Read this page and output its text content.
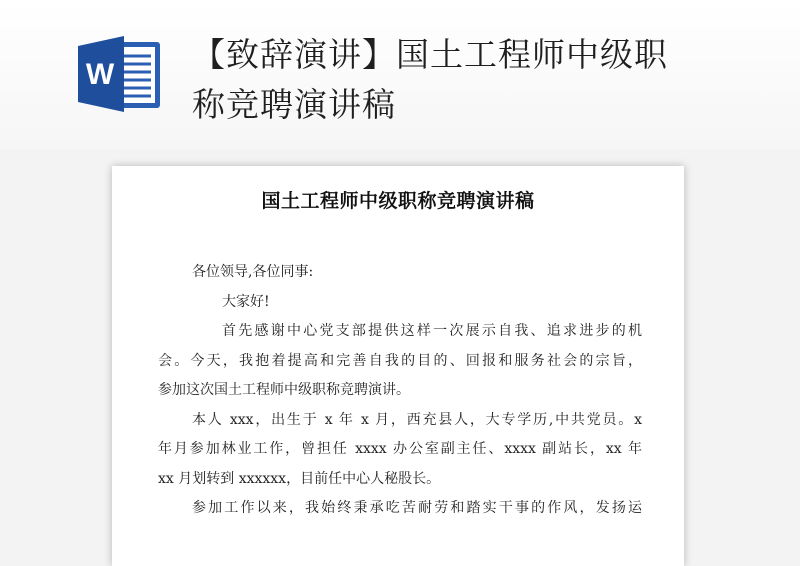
W
【致辞演讲】国土工程师中级职
称竞聘演讲稿
国土工程师中级职称竞聘演讲稿
各位领导,各位同事:
大家好!
首先感谢中心党支部提供这样一次展示自我、追求进步的机
会。今天，我抱着提高和完善自我的目的、回报和服务社会的宗旨，
参加这次国土工程师中级职称竞聘演讲。
本人 xxx，出生于 x 年 x 月，西充县人，大专学历,中共党员。x
年月参加林业工作，曾担任 xxxx 办公室副主任、xxxx 副站长，xx 年
xx 月划转到 xxxxxx，目前任中心人秘股长。
参加工作以来，我始终秉承吃苦耐劳和踏实干事的作风，发扬运
